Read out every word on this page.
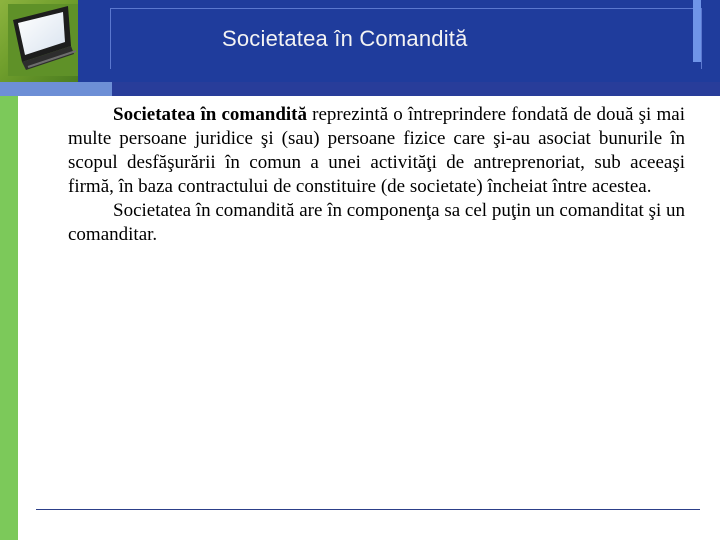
Societatea în Comandită

Societatea în comandită reprezintă o întreprindere fondată de două şi mai multe persoane juridice şi (sau) persoane fizice care şi-au asociat bunurile în scopul desfăşurării în comun a unei activităţi de antreprenoriat, sub aceeaşi firmă, în baza contractului de constituire (de societate) încheiat între acestea.

Societatea în comandită are în componenţa sa cel puţin un comanditat şi un comanditar.
